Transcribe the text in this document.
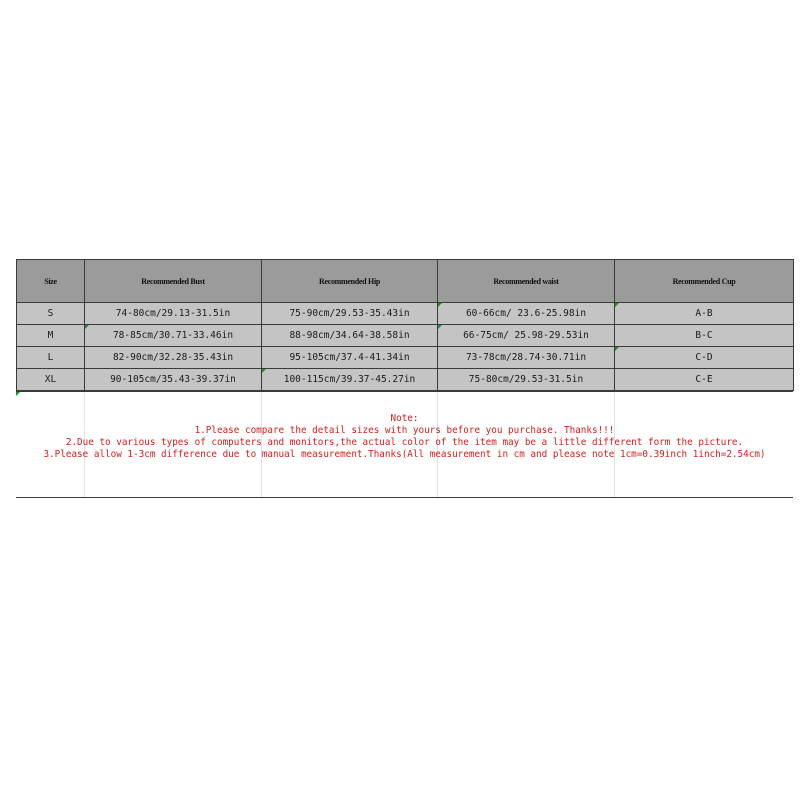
Size	Recommended Bust	Recommended Hip	Recommended waist	Recommended Cup
S	74-80cm/29.13-31.5in	75-90cm/29.53-35.43in	60-66cm/ 23.6-25.98in	A-B
M	78-85cm/30.71-33.46in	88-98cm/34.64-38.58in	66-75cm/ 25.98-29.53in	B-C
L	82-90cm/32.28-35.43in	95-105cm/37.4-41.34in	73-78cm/28.74-30.71in	C-D
XL	90-105cm/35.43-39.37in	100-115cm/39.37-45.27in	75-80cm/29.53-31.5in	C-E
Note:
1.Please compare the detail sizes with yours before you purchase. Thanks!!!
2.Due to various types of computers and monitors,the actual color of the item may be a little different form the picture.
3.Please allow 1-3cm difference due to manual measurement.Thanks(All measurement in cm and please note 1cm=0.39inch 1inch=2.54cm)
